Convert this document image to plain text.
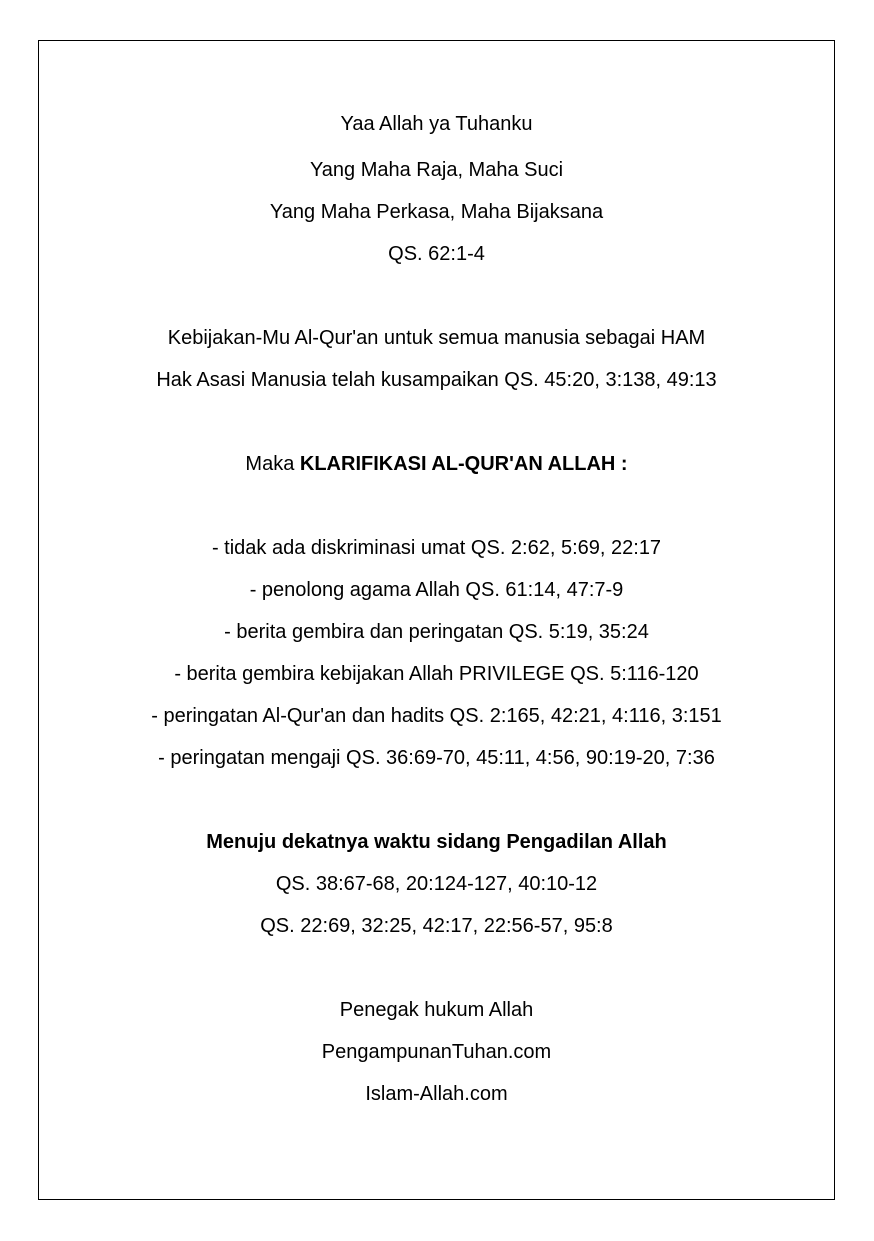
Yaa Allah ya Tuhanku
Yang Maha Raja, Maha Suci
Yang Maha Perkasa, Maha Bijaksana
QS. 62:1-4
Kebijakan-Mu Al-Qur'an untuk semua manusia sebagai HAM
Hak Asasi Manusia telah kusampaikan QS. 45:20, 3:138, 49:13
Maka KLARIFIKASI AL-QUR'AN ALLAH :
- tidak ada diskriminasi umat QS. 2:62, 5:69, 22:17
- penolong agama Allah QS. 61:14, 47:7-9
- berita gembira dan peringatan QS. 5:19, 35:24
- berita gembira kebijakan Allah PRIVILEGE QS. 5:116-120
- peringatan Al-Qur'an dan hadits QS. 2:165, 42:21, 4:116, 3:151
- peringatan mengaji QS. 36:69-70, 45:11, 4:56, 90:19-20, 7:36
Menuju dekatnya waktu sidang Pengadilan Allah
QS. 38:67-68, 20:124-127, 40:10-12
QS. 22:69, 32:25, 42:17, 22:56-57, 95:8
Penegak hukum Allah
PengampunanTuhan.com
Islam-Allah.com
